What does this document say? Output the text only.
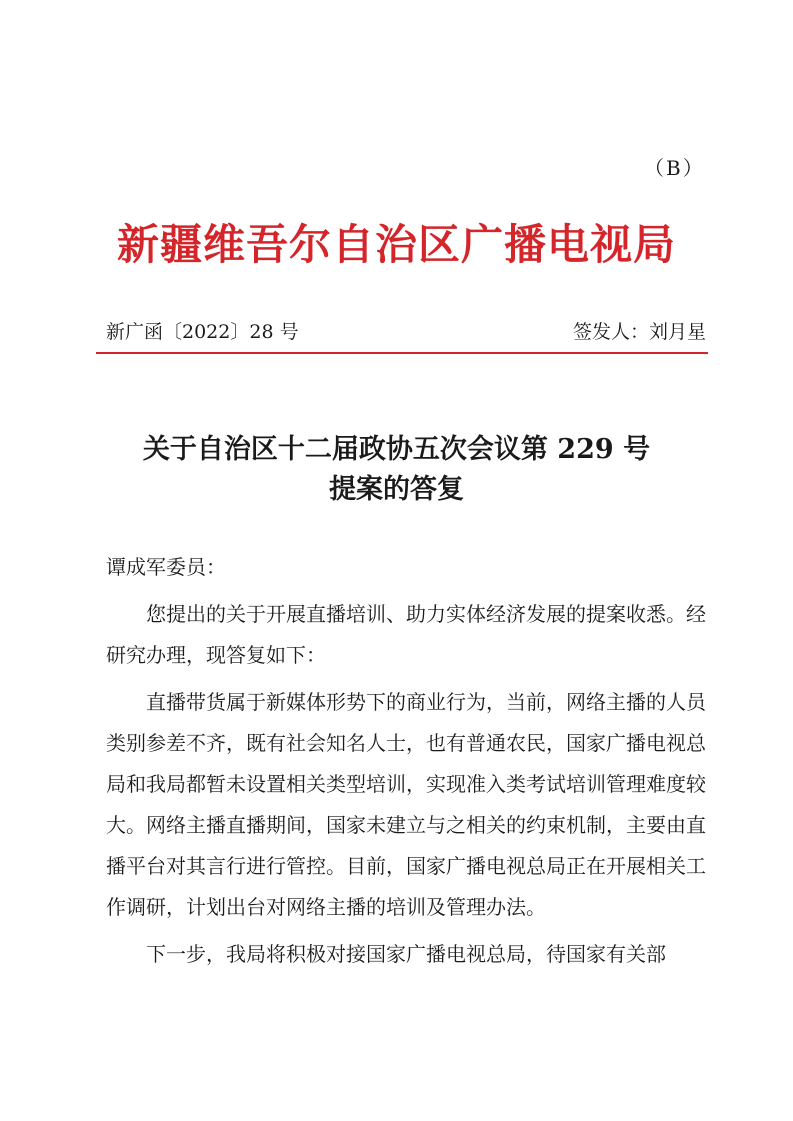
（B）
新疆维吾尔自治区广播电视局
新广函〔2022〕28 号	签发人：刘月星
关于自治区十二届政协五次会议第 229 号
提案的答复

谭成军委员：

您提出的关于开展直播培训、助力实体经济发展的提案收悉。经研究办理，现答复如下：

直播带货属于新媒体形势下的商业行为，当前，网络主播的人员类别参差不齐，既有社会知名人士，也有普通农民，国家广播电视总局和我局都暂未设置相关类型培训，实现准入类考试培训管理难度较大。网络主播直播期间，国家未建立与之相关的约束机制，主要由直播平台对其言行进行管控。目前，国家广播电视总局正在开展相关工作调研，计划出台对网络主播的培训及管理办法。

下一步，我局将积极对接国家广播电视总局，待国家有关部
